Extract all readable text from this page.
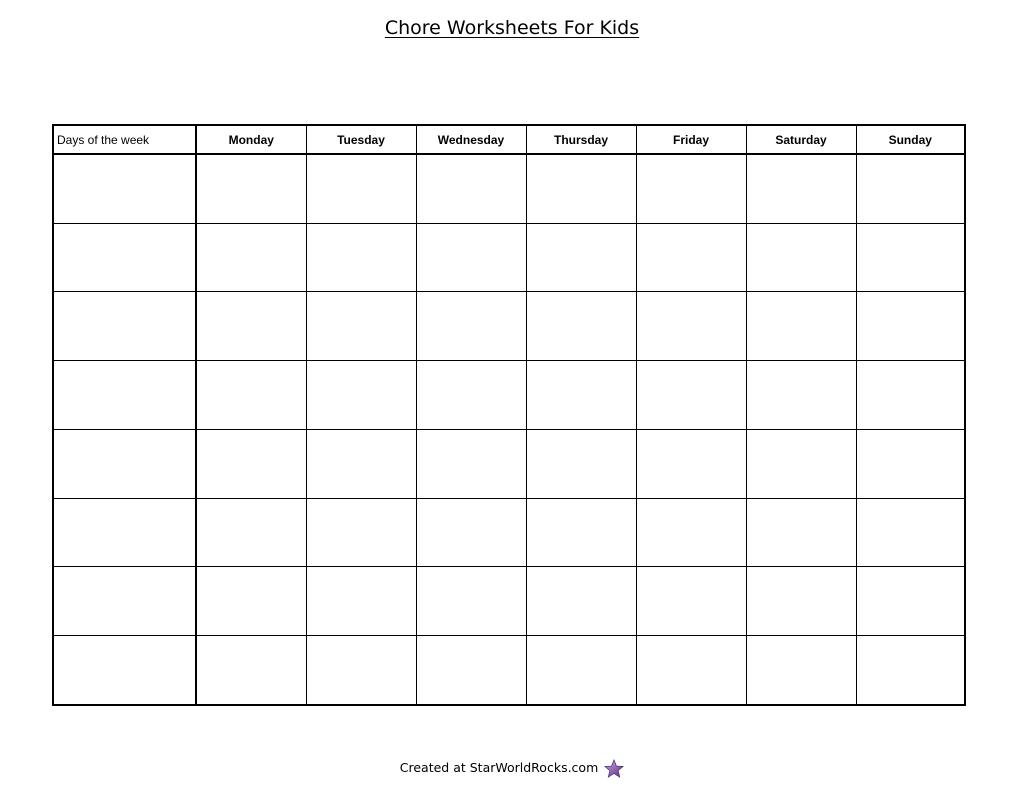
Chore Worksheets For Kids
Days of the week	Monday	Tuesday	Wednesday	Thursday	Friday	Saturday	Sunday

Created at StarWorldRocks.com
